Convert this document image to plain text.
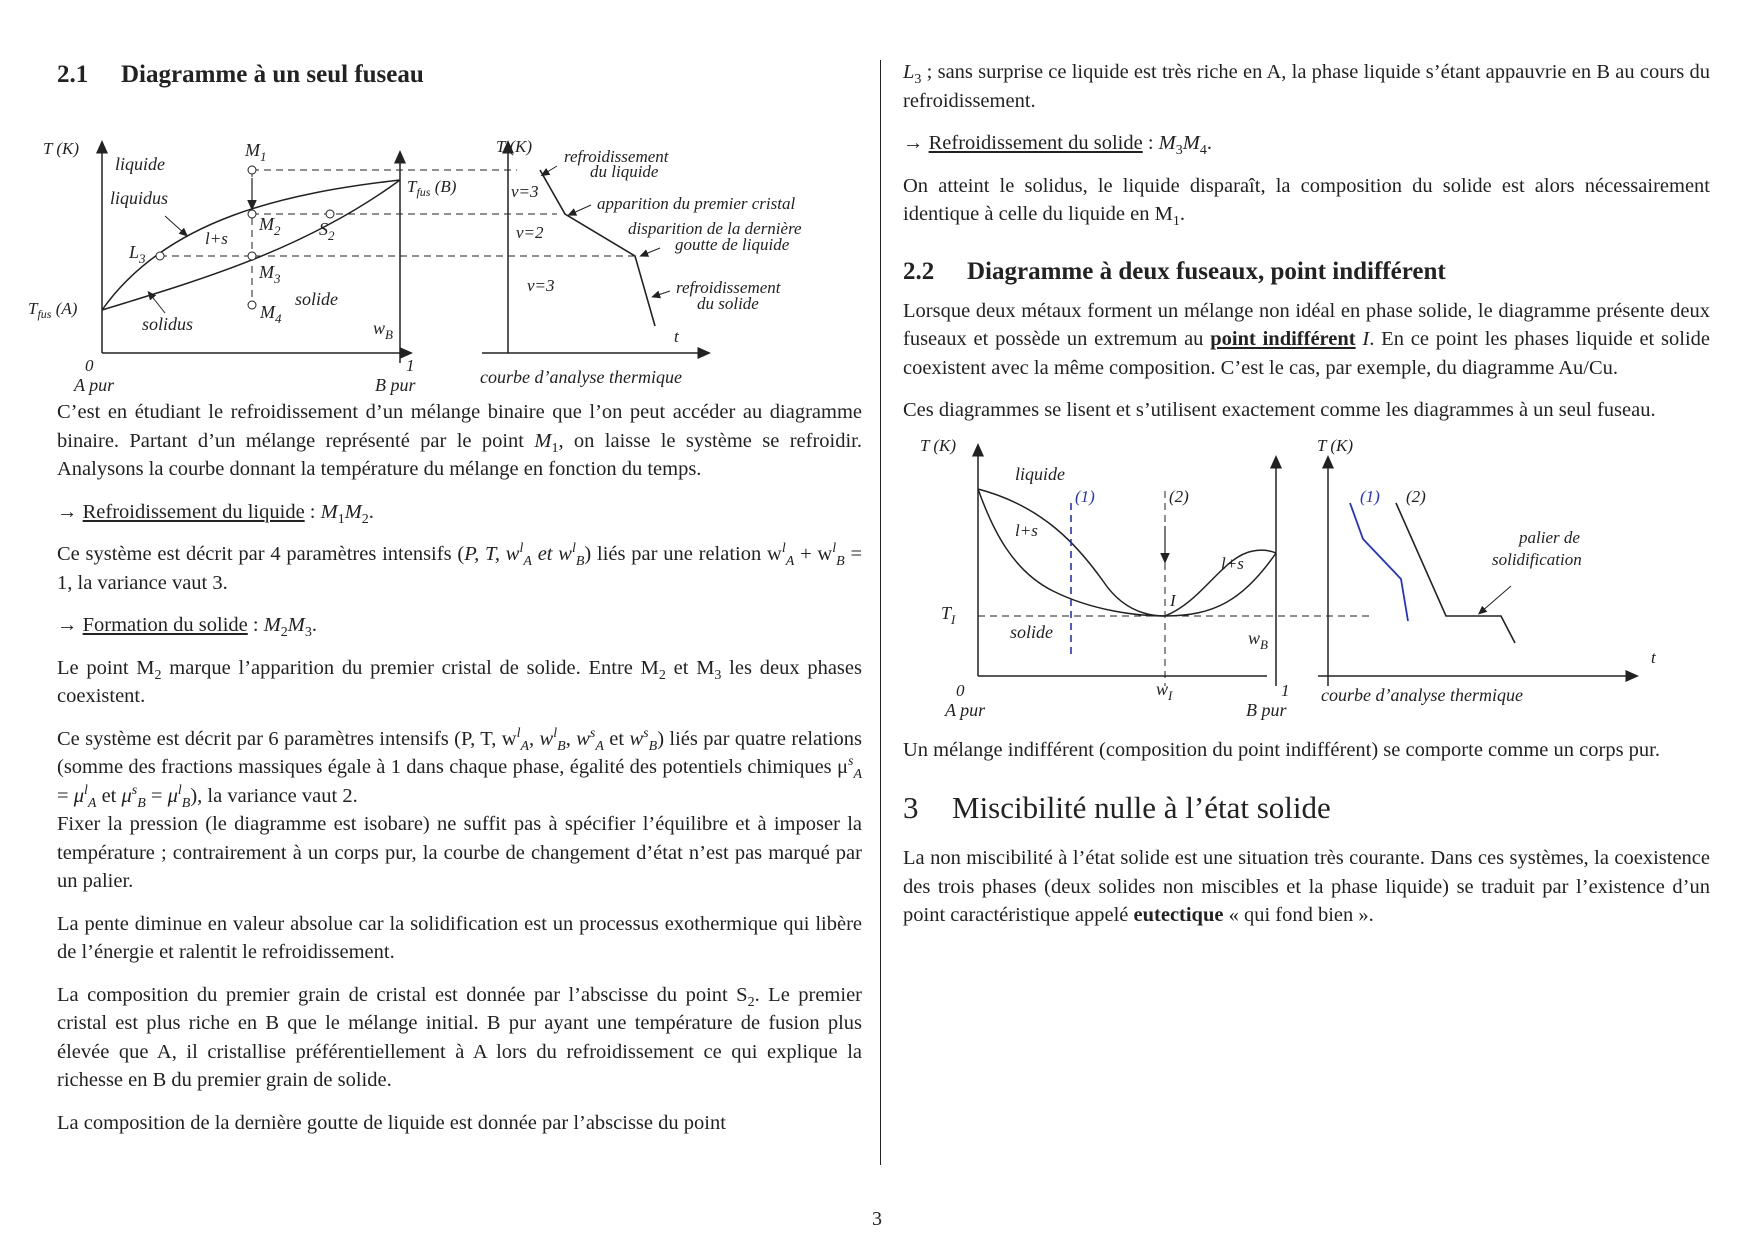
2.1 Diagramme à un seul fuseau
T (K)
liquide
liquidus
l+s
solide
solidus
$M_1$
$M_2$ $S_2$
$L_3$
$M_3$
$M_4$
$T_{fus}$ (A)
$T_{fus}$ (B)
$w_B$
0	1
A pur	B pur
T (K)
v=3
v=2
v=3
t
refroidissement
du liquide
apparition du premier cristal
disparition de la dernière
goutte de liquide
refroidissement
du solide
courbe d’analyse thermique

C’est en étudiant le refroidissement d’un mélange binaire que l’on peut accéder au diagramme binaire. Partant d’un mélange représenté par le point $M_1$, on laisse le système se refroidir. Analysons la courbe donnant la température du mélange en fonction du temps.

→ Refroidissement du liquide : $M_1M_2$.

Ce système est décrit par 4 paramètres intensifs (P, T, $w^l_A$ et $w^l_B$) liés par une relation $w^l_A + w^l_B = 1$, la variance vaut 3.

→ Formation du solide : $M_2M_3$.

Le point $M_2$ marque l’apparition du premier cristal de solide. Entre $M_2$ et $M_3$ les deux phases coexistent.

Ce système est décrit par 6 paramètres intensifs (P, T, $w^l_A$, $w^l_B$, $w^s_A$ et $w^s_B$) liés par quatre relations (somme des fractions massiques égale à 1 dans chaque phase, égalité des potentiels chimiques $\mu^s_A = \mu^l_A$ et $\mu^s_B = \mu^l_B$), la variance vaut 2.
Fixer la pression (le diagramme est isobare) ne suffit pas à spécifier l’équilibre et à imposer la température ; contrairement à un corps pur, la courbe de changement d’état n’est pas marqué par un palier.

La pente diminue en valeur absolue car la solidification est un processus exothermique qui libère de l’énergie et ralentit le refroidissement.

La composition du premier grain de cristal est donnée par l’abscisse du point $S_2$. Le premier cristal est plus riche en B que le mélange initial. B pur ayant une température de fusion plus élevée que A, il cristallise préférentiellement à A lors du refroidissement ce qui explique la richesse en B du premier grain de solide.

La composition de la dernière goutte de liquide est donnée par l’abscisse du point

$L_3$ ; sans surprise ce liquide est très riche en A, la phase liquide s’étant appauvrie en B au cours du refroidissement.

→ Refroidissement du solide : $M_3M_4$.

On atteint le solidus, le liquide disparaît, la composition du solide est alors nécessairement identique à celle du liquide en $M_1$.

2.2 Diagramme à deux fuseaux, point indifférent

Lorsque deux métaux forment un mélange non idéal en phase solide, le diagramme présente deux fuseaux et possède un extremum au point indifférent I. En ce point les phases liquide et solide coexistent avec la même composition. C’est le cas, par exemple, du diagramme Au/Cu.

Ces diagrammes se lisent et s’utilisent exactement comme les diagrammes à un seul fuseau.

T (K)
liquide
l+s
l+s
solide
(1)	(2)
I
$T_I$
$w_B$
$w_I$
0	1
A pur	B pur
T (K)
(1) (2)
palier de
solidification
t
courbe d’analyse thermique

Un mélange indifférent (composition du point indifférent) se comporte comme un corps pur.

3 Miscibilité nulle à l’état solide

La non miscibilité à l’état solide est une situation très courante. Dans ces systèmes, la coexistence des trois phases (deux solides non miscibles et la phase liquide) se traduit par l’existence d’un point caractéristique appelé eutectique « qui fond bien ».

3
